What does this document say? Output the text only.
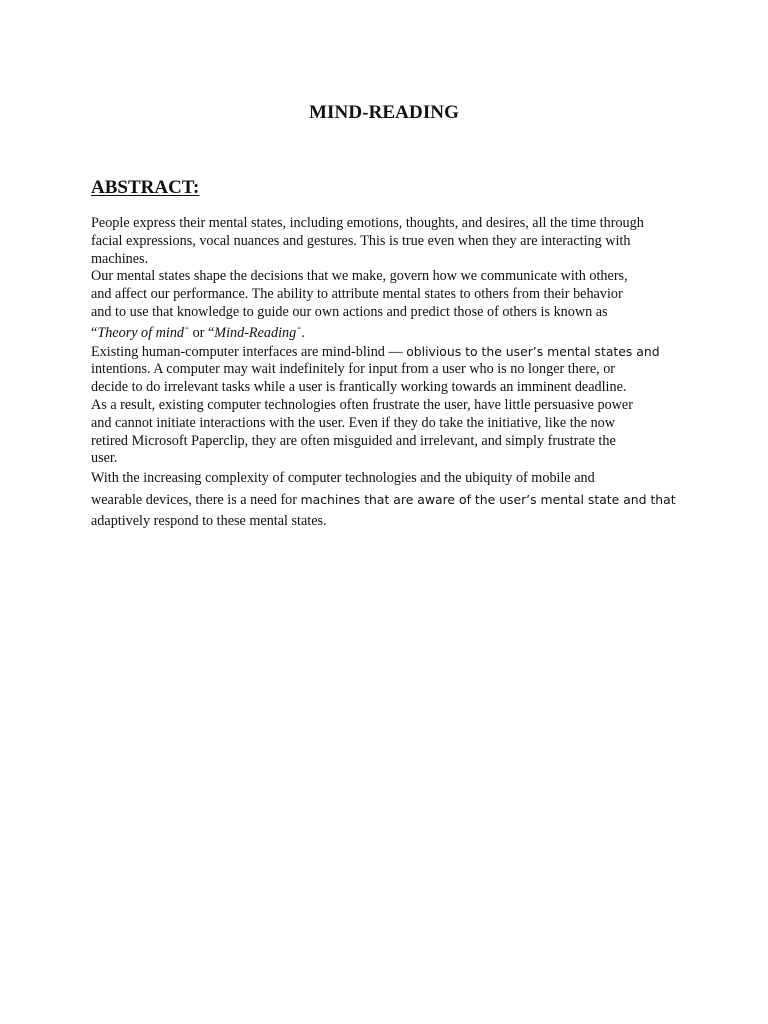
MIND-READING
ABSTRACT:
People express their mental states, including emotions, thoughts, and desires, all the time through
facial expressions, vocal nuances and gestures. This is true even when they are interacting with
machines.
Our mental states shape the decisions that we make, govern how we communicate with others,
and affect our performance. The ability to attribute mental states to others from their behavior
and to use that knowledge to guide our own actions and predict those of others is known as
“Theory of mind“ or “Mind-Reading“.
Existing human-computer interfaces are mind-blind — oblivious to the user’s mental states and
intentions. A computer may wait indefinitely for input from a user who is no longer there, or
decide to do irrelevant tasks while a user is frantically working towards an imminent deadline.
As a result, existing computer technologies often frustrate the user, have little persuasive power
and cannot initiate interactions with the user. Even if they do take the initiative, like the now
retired Microsoft Paperclip, they are often misguided and irrelevant, and simply frustrate the
user.
With the increasing complexity of computer technologies and the ubiquity of mobile and
wearable devices, there is a need for machines that are aware of the user’s mental state and that
adaptively respond to these mental states.
